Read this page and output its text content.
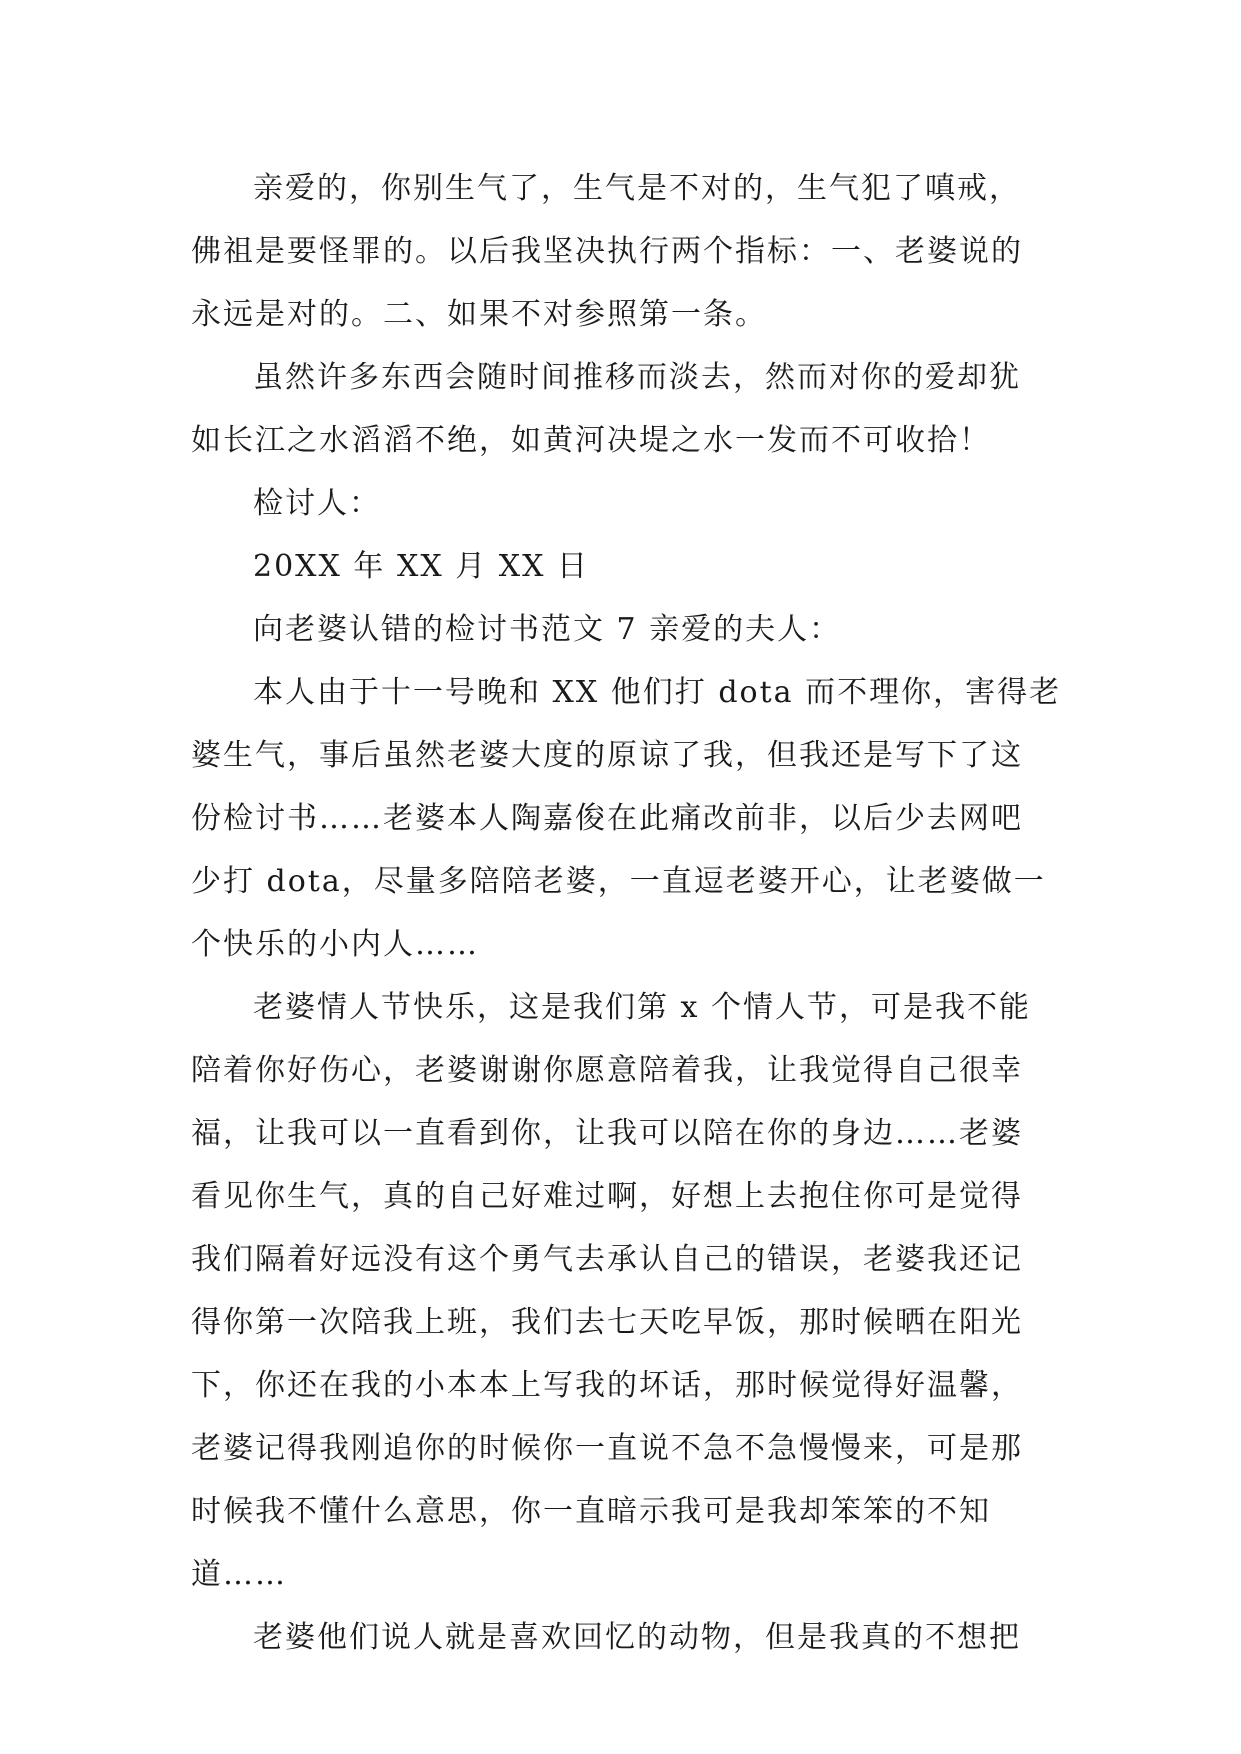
亲爱的，你别生气了，生气是不对的，生气犯了嗔戒，
佛祖是要怪罪的。以后我坚决执行两个指标：一、老婆说的
永远是对的。二、如果不对参照第一条。
虽然许多东西会随时间推移而淡去，然而对你的爱却犹
如长江之水滔滔不绝，如黄河决堤之水一发而不可收拾！
检讨人：
20XX 年 XX 月 XX 日
向老婆认错的检讨书范文 7 亲爱的夫人：
本人由于十一号晚和 XX 他们打 dota 而不理你，害得老
婆生气，事后虽然老婆大度的原谅了我，但我还是写下了这
份检讨书……老婆本人陶嘉俊在此痛改前非，以后少去网吧
少打 dota，尽量多陪陪老婆，一直逗老婆开心，让老婆做一
个快乐的小内人……
老婆情人节快乐，这是我们第 x 个情人节，可是我不能
陪着你好伤心，老婆谢谢你愿意陪着我，让我觉得自己很幸
福，让我可以一直看到你，让我可以陪在你的身边……老婆
看见你生气，真的自己好难过啊，好想上去抱住你可是觉得
我们隔着好远没有这个勇气去承认自己的错误，老婆我还记
得你第一次陪我上班，我们去七天吃早饭，那时候晒在阳光
下，你还在我的小本本上写我的坏话，那时候觉得好温馨，
老婆记得我刚追你的时候你一直说不急不急慢慢来，可是那
时候我不懂什么意思，你一直暗示我可是我却笨笨的不知
道……
老婆他们说人就是喜欢回忆的动物，但是我真的不想把
